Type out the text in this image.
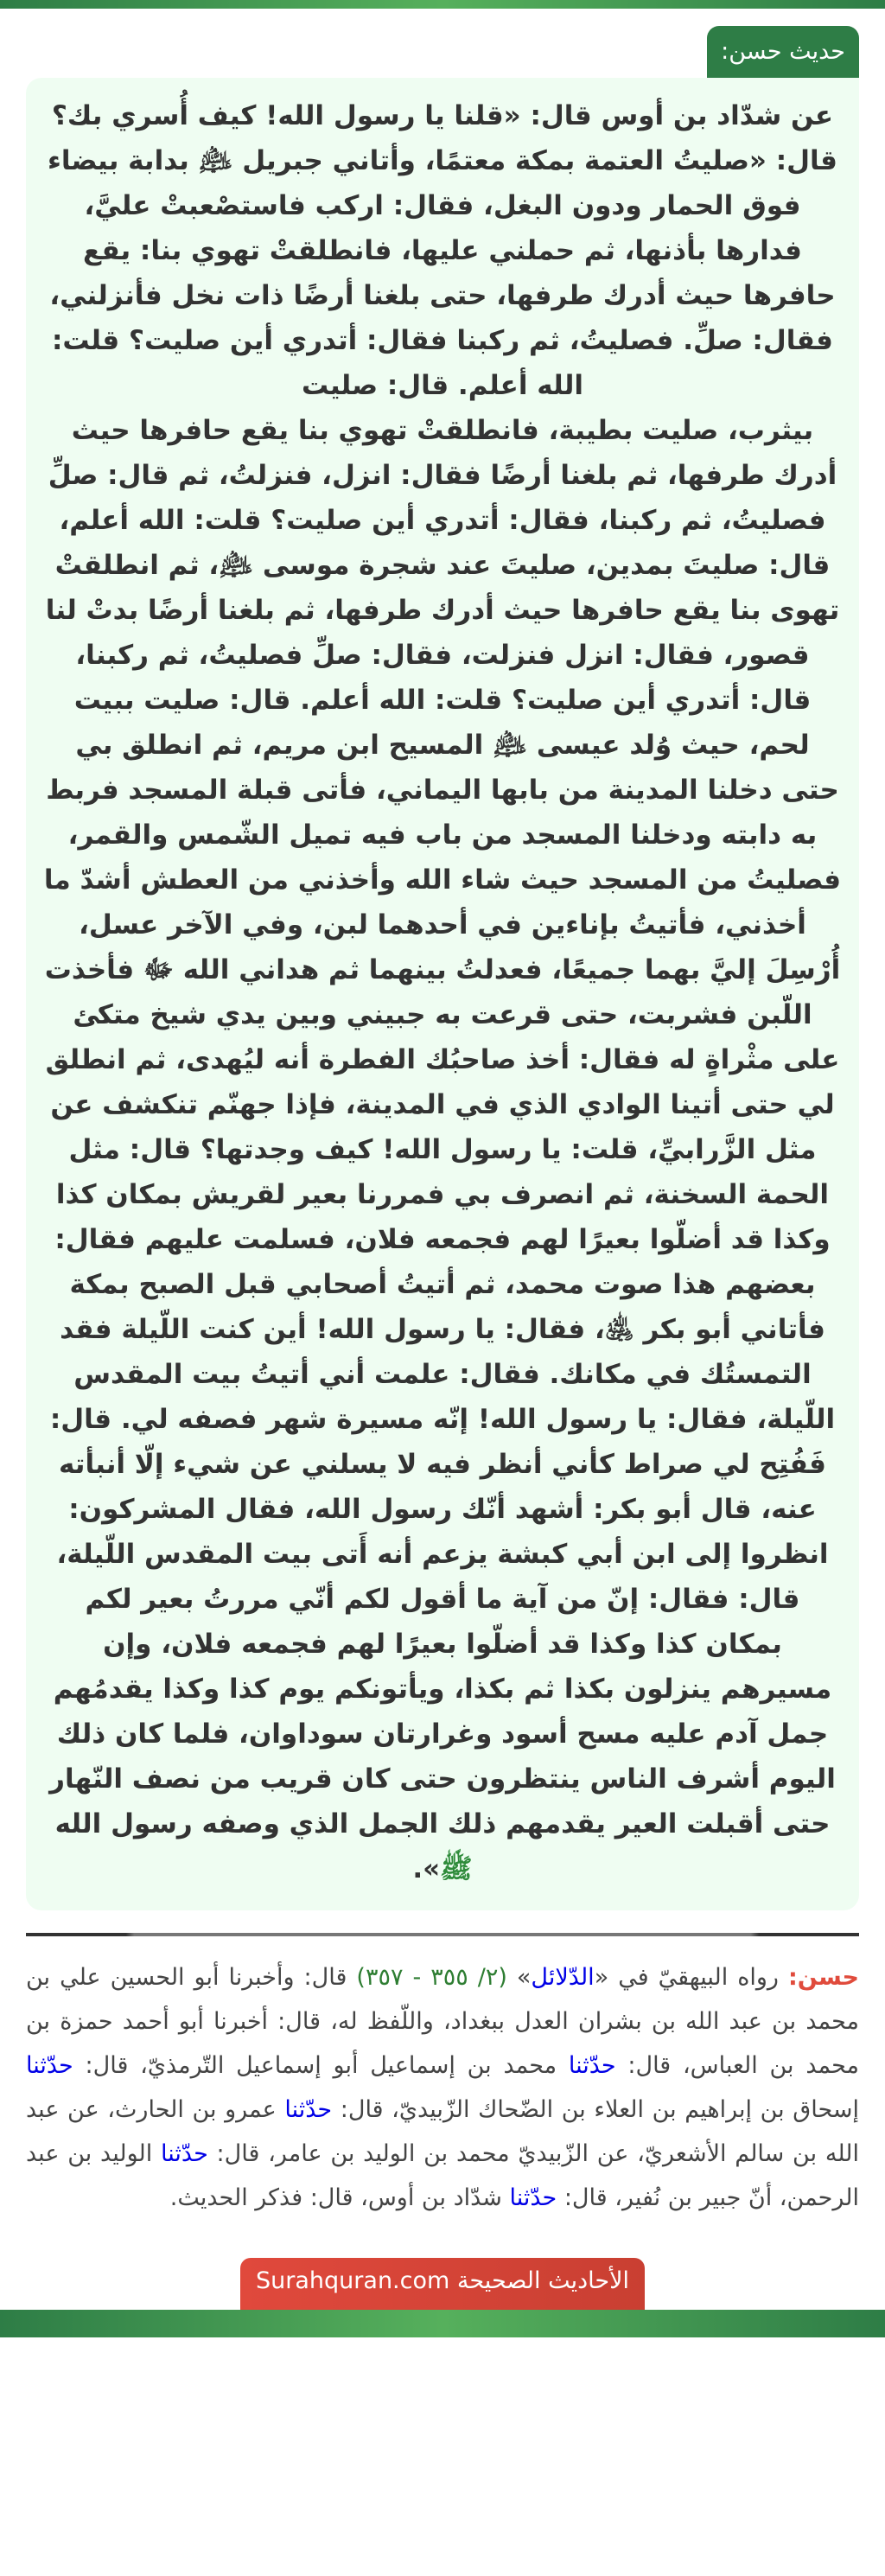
حديث حسن:

عن شدّاد بن أوس قال: «قلنا يا رسول الله! كيف أُسري بك؟ قال: «صليتُ العتمة بمكة معتمًا، وأتاني جبريل ﵇ بدابة بيضاء فوق الحمار ودون البغل، فقال: اركب فاستصْعبتْ عليَّ، فدارها بأذنها، ثم حملني عليها، فانطلقتْ تهوي بنا: يقع حافرها حيث أدرك طرفها، حتى بلغنا أرضًا ذات نخل فأنزلني، فقال: صلِّ. فصليتُ، ثم ركبنا فقال: أتدري أين صليت؟ قلت: الله أعلم. قال: صليت

بيثرب، صليت بطيبة، فانطلقتْ تهوي بنا يقع حافرها حيث أدرك طرفها، ثم بلغنا أرضًا فقال: انزل، فنزلتُ، ثم قال: صلِّ فصليتُ، ثم ركبنا، فقال: أتدري أين صليت؟ قلت: الله أعلم، قال: صليتَ بمدين، صليتَ عند شجرة موسى ﵇، ثم انطلقتْ تهوى بنا يقع حافرها حيث أدرك طرفها، ثم بلغنا أرضًا بدتْ لنا قصور، فقال: انزل فنزلت، فقال: صلِّ فصليتُ، ثم ركبنا، قال: أتدري أين صليت؟ قلت: الله أعلم. قال: صليت ببيت لحم، حيث وُلد عيسى ﵇ المسيح ابن مريم، ثم انطلق بي حتى دخلنا المدينة من بابها اليماني، فأتى قبلة المسجد فربط به دابته ودخلنا المسجد من باب فيه تميل الشّمس والقمر، فصليتُ من المسجد حيث شاء الله وأخذني من العطش أشدّ ما أخذني، فأتيتُ بإناءين في أحدهما لبن، وفي الآخر عسل، أُرْسِلَ إليَّ بهما جميعًا، فعدلتُ بينهما ثم هداني الله ﷻ فأخذت اللّبن فشربت، حتى قرعت به جبيني وبين يدي شيخ متكئ على مثْراةٍ له فقال: أخذ صاحبُك الفطرة أنه ليُهدى، ثم انطلق لي حتى أتينا الوادي الذي في المدينة، فإذا جهنّم تنكشف عن مثل الزَّرابيِّ، قلت: يا رسول الله! كيف وجدتها؟ قال: مثل الحمة السخنة، ثم انصرف بي فمررنا بعير لقريش بمكان كذا وكذا قد أضلّوا بعيرًا لهم فجمعه فلان، فسلمت عليهم فقال: بعضهم هذا صوت محمد، ثم أتيتُ أصحابي قبل الصبح بمكة فأتاني أبو بكر ﵁، فقال: يا رسول الله! أين كنت اللّيلة فقد التمستُك في مكانك. فقال: علمت أني أتيتُ بيت المقدس اللّيلة، فقال: يا رسول الله! إنّه مسيرة شهر فصفه لي. قال: فَفُتِح لي صراط كأني أنظر فيه لا يسلني عن شيء إلّا أنبأته عنه، قال أبو بكر: أشهد أنّك رسول الله، فقال المشركون: انظروا إلى ابن أبي كبشة يزعم أنه أَتى بيت المقدس اللّيلة، قال: فقال: إنّ من آية ما أقول لكم أنّي مررتُ بعير لكم بمكان كذا وكذا قد أضلّوا بعيرًا لهم فجمعه فلان، وإن مسيرهم ينزلون بكذا ثم بكذا، ويأتونكم يوم كذا وكذا يقدمُهم جمل آدم عليه مسح أسود وغرارتان سوداوان، فلما كان ذلك اليوم أشرف الناس ينتظرون حتى كان قريب من نصف النّهار حتى أقبلت العير يقدمهم ذلك الجمل الذي وصفه رسول الله ﷺ».

حسن: رواه البيهقيّ في «الدّلائل» (٢/ ٣٥٥ - ٣٥٧) قال: وأخبرنا أبو الحسين علي بن محمد بن عبد الله بن بشران العدل ببغداد، واللّفظ له، قال: أخبرنا أبو أحمد حمزة بن محمد بن العباس، قال: حدّثنا محمد بن إسماعيل أبو إسماعيل التّرمذيّ، قال: حدّثنا إسحاق بن إبراهيم بن العلاء بن الضّحاك الزّبيديّ، قال: حدّثنا عمرو بن الحارث، عن عبد الله بن سالم الأشعريّ، عن الزّبيديّ محمد بن الوليد بن عامر، قال: حدّثنا الوليد بن عبد الرحمن، أنّ جبير بن نُفير، قال: حدّثنا شدّاد بن أوس، قال: فذكر الحديث.
الأحاديث الصحيحة Surahquran.com
